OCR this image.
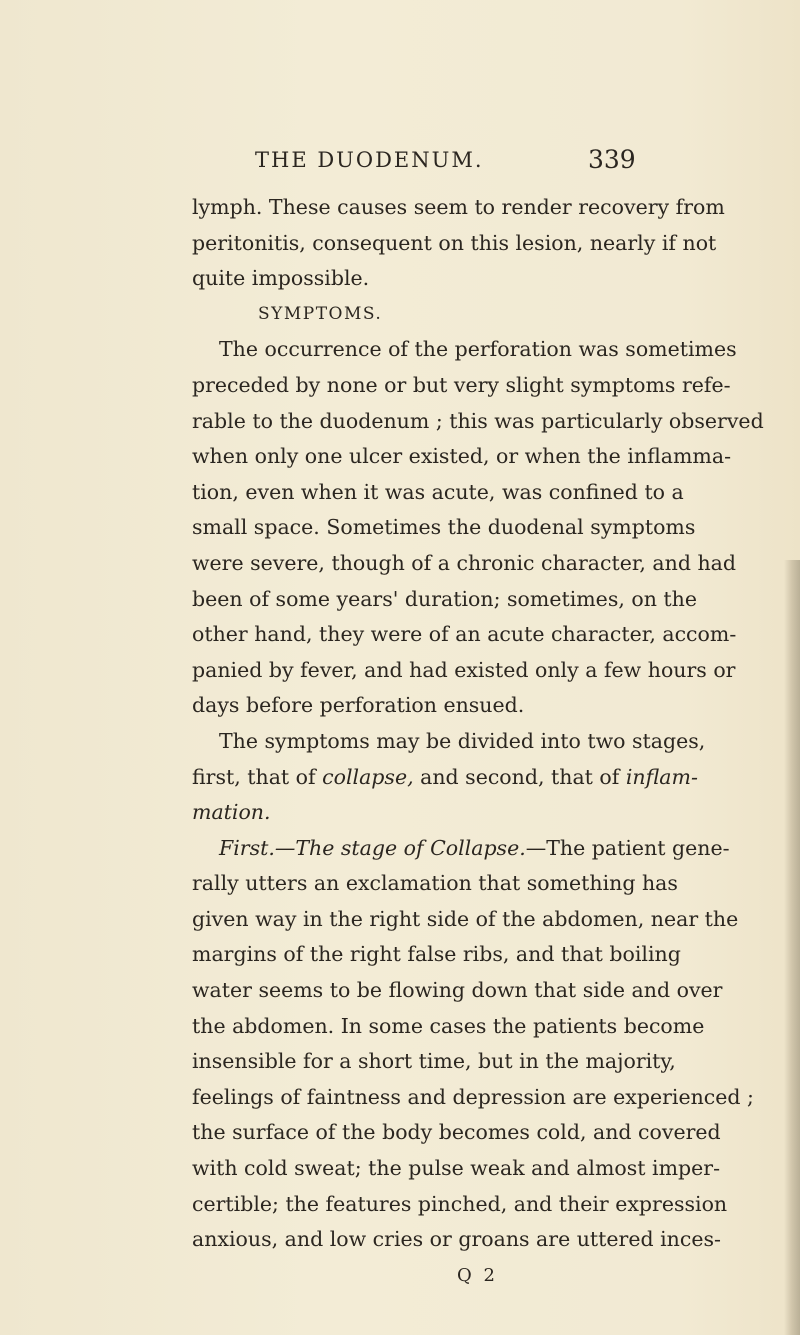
THE DUODENUM.	339
lymph. These causes seem to render recovery from
peritonitis, consequent on this lesion, nearly if not
quite impossible.
SYMPTOMS.
The occurrence of the perforation was sometimes
preceded by none or but very slight symptoms refe-
rable to the duodenum ; this was particularly observed
when only one ulcer existed, or when the inflamma-
tion, even when it was acute, was confined to a
small space. Sometimes the duodenal symptoms
were severe, though of a chronic character, and had
been of some years' duration; sometimes, on the
other hand, they were of an acute character, accom-
panied by fever, and had existed only a few hours or
days before perforation ensued.
The symptoms may be divided into two stages,
first, that of collapse, and second, that of inflam-
mation.
First.—The stage of Collapse.—The patient gene-
rally utters an exclamation that something has
given way in the right side of the abdomen, near the
margins of the right false ribs, and that boiling
water seems to be flowing down that side and over
the abdomen. In some cases the patients become
insensible for a short time, but in the majority,
feelings of faintness and depression are experienced ;
the surface of the body becomes cold, and covered
with cold sweat; the pulse weak and almost imper-
certible; the features pinched, and their expression
anxious, and low cries or groans are uttered inces-
Q 2
